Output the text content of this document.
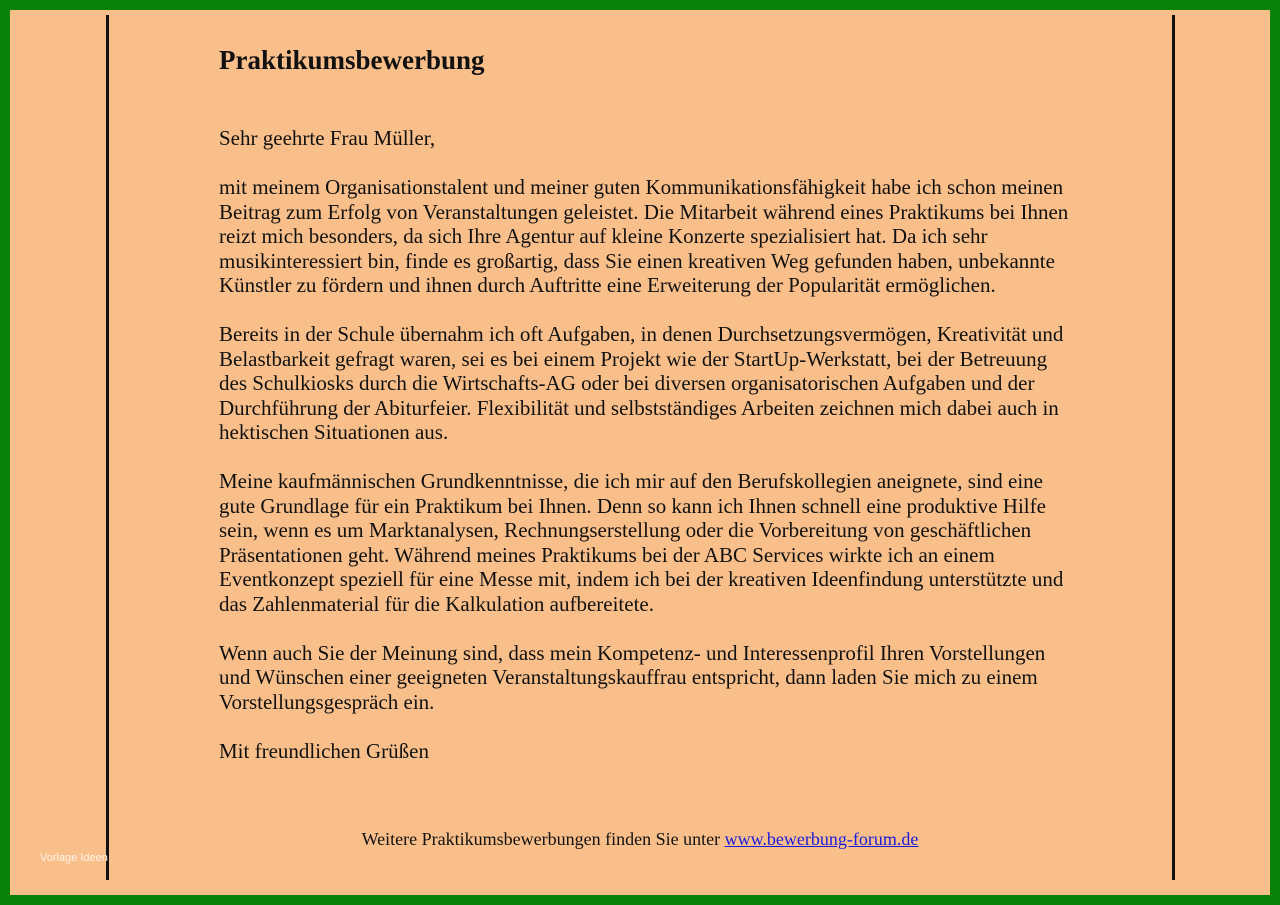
Praktikumsbewerbung

Sehr geehrte Frau Müller,

mit meinem Organisationstalent und meiner guten Kommunikationsfähigkeit habe ich schon meinen Beitrag zum Erfolg von Veranstaltungen geleistet. Die Mitarbeit während eines Praktikums bei Ihnen reizt mich besonders, da sich Ihre Agentur auf kleine Konzerte spezialisiert hat. Da ich sehr musikinteressiert bin, finde es großartig, dass Sie einen kreativen Weg gefunden haben, unbekannte Künstler zu fördern und ihnen durch Auftritte eine Erweiterung der Popularität ermöglichen.

Bereits in der Schule übernahm ich oft Aufgaben, in denen Durchsetzungsvermögen, Kreativität und Belastbarkeit gefragt waren, sei es bei einem Projekt wie der StartUp-Werkstatt, bei der Betreuung des Schulkiosks durch die Wirtschafts-AG oder bei diversen organisatorischen Aufgaben und der Durchführung der Abiturfeier. Flexibilität und selbstständiges Arbeiten zeichnen mich dabei auch in hektischen Situationen aus.

Meine kaufmännischen Grundkenntnisse, die ich mir auf den Berufskollegien aneignete, sind eine gute Grundlage für ein Praktikum bei Ihnen. Denn so kann ich Ihnen schnell eine produktive Hilfe sein, wenn es um Marktanalysen, Rechnungserstellung oder die Vorbereitung von geschäftlichen Präsentationen geht. Während meines Praktikums bei der ABC Services wirkte ich an einem Eventkonzept speziell für eine Messe mit, indem ich bei der kreativen Ideenfindung unterstützte und das Zahlenmaterial für die Kalkulation aufbereitete.

Wenn auch Sie der Meinung sind, dass mein Kompetenz- und Interessenprofil Ihren Vorstellungen und Wünschen einer geeigneten Veranstaltungskauffrau entspricht, dann laden Sie mich zu einem Vorstellungsgespräch ein.

Mit freundlichen Grüßen

Weitere Praktikumsbewerbungen finden Sie unter www.bewerbung-forum.de
Vorlage Ideen
